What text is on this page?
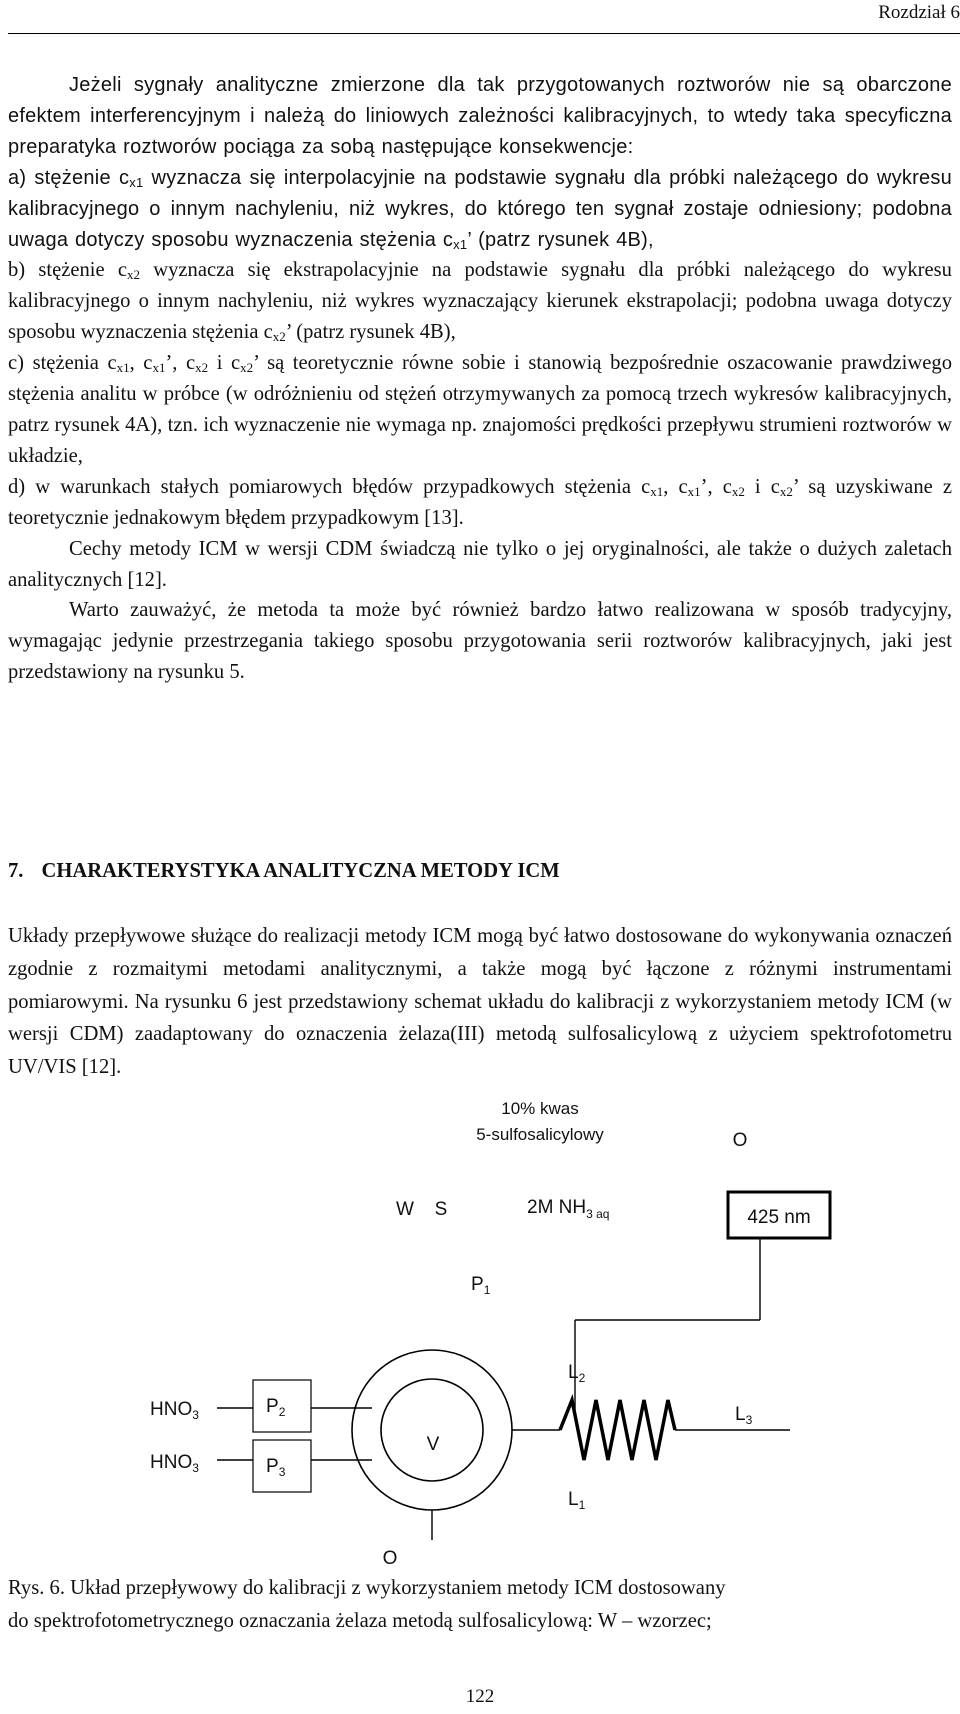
Rozdział 6

Jeżeli sygnały analityczne zmierzone dla tak przygotowanych roztworów nie są obarczone efektem interferencyjnym i należą do liniowych zależności kalibracyjnych, to wtedy taka specyficzna preparatyka roztworów pociąga za sobą następujące konsekwencje:

a) stężenie $c_{x1}$ wyznacza się interpolacyjnie na podstawie sygnału dla próbki należącego do wykresu kalibracyjnego o innym nachyleniu, niż wykres, do którego ten sygnał zostaje odniesiony; podobna uwaga dotyczy sposobu wyznaczenia stężenia $c_{x1}$’ (patrz rysunek 4B),

b) stężenie $c_{x2}$ wyznacza się ekstrapolacyjnie na podstawie sygnału dla próbki należącego do wykresu kalibracyjnego o innym nachyleniu, niż wykres wyznaczający kierunek ekstrapolacji; podobna uwaga dotyczy sposobu wyznaczenia stężenia $c_{x2}$’ (patrz rysunek 4B),

c) stężenia $c_{x1}$, $c_{x1}$’, $c_{x2}$ i $c_{x2}$’ są teoretycznie równe sobie i stanowią bezpośrednie oszacowanie prawdziwego stężenia analitu w próbce (w odróżnieniu od stężeń otrzymywanych za pomocą trzech wykresów kalibracyjnych, patrz rysunek 4A), tzn. ich wyznaczenie nie wymaga np. znajomości prędkości przepływu strumieni roztworów w układzie,

d) w warunkach stałych pomiarowych błędów przypadkowych stężenia $c_{x1}$, $c_{x1}$’, $c_{x2}$ i $c_{x2}$’ są uzyskiwane z teoretycznie jednakowym błędem przypadkowym [13].

Cechy metody ICM w wersji CDM świadczą nie tylko o jej oryginalności, ale także o dużych zaletach analitycznych [12].

Warto zauważyć, że metoda ta może być również bardzo łatwo realizowana w sposób tradycyjny, wymagając jedynie przestrzegania takiego sposobu przygotowania serii roztworów kalibracyjnych, jaki jest przedstawiony na rysunku 5.

7. CHARAKTERYSTYKA ANALITYCZNA METODY ICM

Układy przepływowe służące do realizacji metody ICM mogą być łatwo dostosowane do wykonywania oznaczeń zgodnie z rozmaitymi metodami analitycznymi, a także mogą być łączone z różnymi instrumentami pomiarowymi. Na rysunku 6 jest przedstawiony schemat układu do kalibracji z wykorzystaniem metody ICM (w wersji CDM) zaadaptowany do oznaczenia żelaza(III) metodą sulfosalicylową z użyciem spektrofotometru UV/VIS [12].

10% kwas
5-sulfosalicylowy	O
W S	2M $NH_{3 aq}$	425 nm
$P_1$
$HNO_3$
$HNO_3$
$P_2$
$P_3$
V
$L_2$
$L_1$
$L_3$
O

Rys. 6. Układ przepływowy do kalibracji z wykorzystaniem metody ICM dostosowany

do spektrofotometrycznego oznaczania żelaza metodą sulfosalicylową: W – wzorzec;

122
